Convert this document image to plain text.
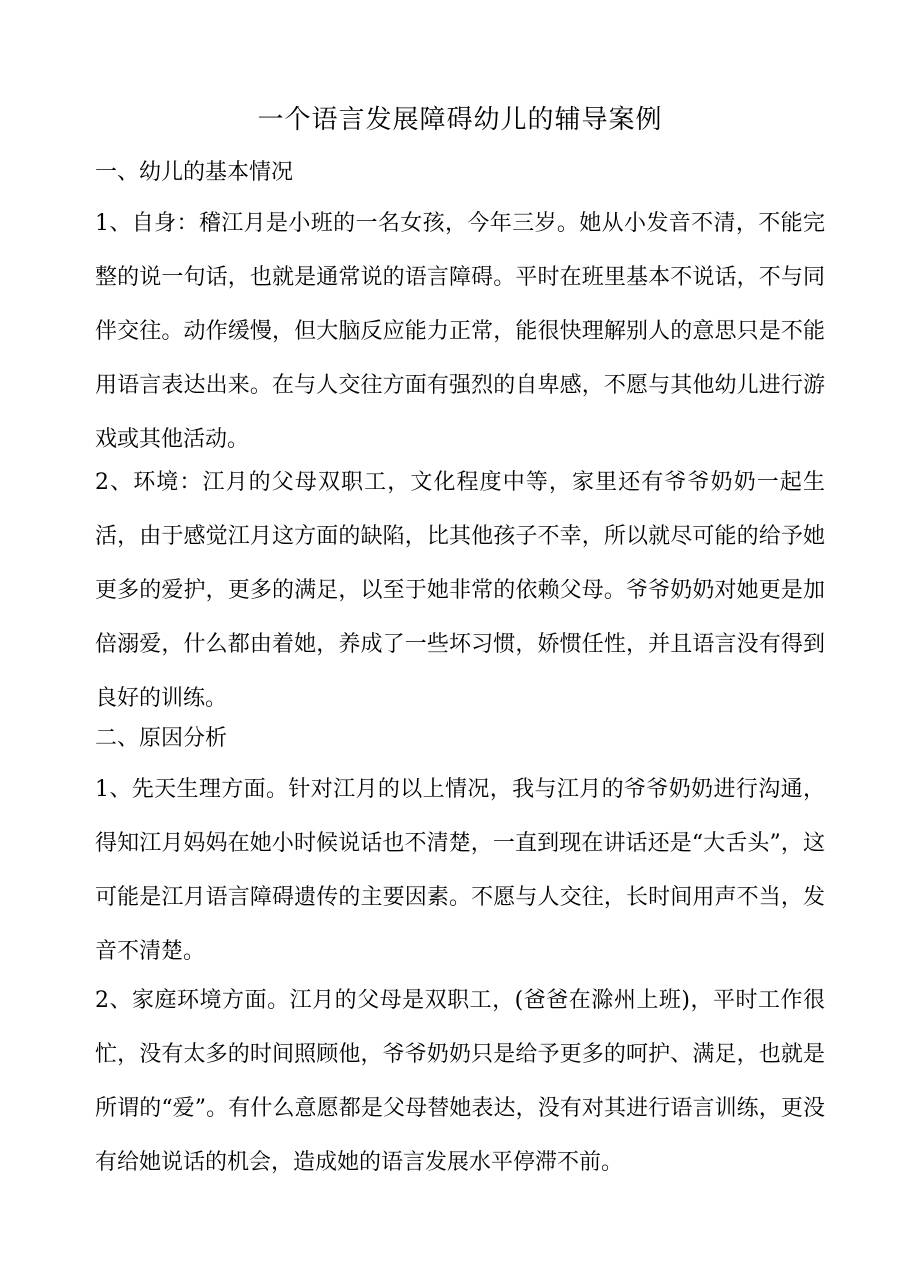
一个语言发展障碍幼儿的辅导案例
一、幼儿的基本情况
1、自身：稽江月是小班的一名女孩，今年三岁。她从小发音不清，不能完整的说一句话，也就是通常说的语言障碍。平时在班里基本不说话，不与同伴交往。动作缓慢，但大脑反应能力正常，能很快理解别人的意思只是不能用语言表达出来。在与人交往方面有强烈的自卑感，不愿与其他幼儿进行游戏或其他活动。
2、环境：江月的父母双职工，文化程度中等，家里还有爷爷奶奶一起生活，由于感觉江月这方面的缺陷，比其他孩子不幸，所以就尽可能的给予她更多的爱护，更多的满足，以至于她非常的依赖父母。爷爷奶奶对她更是加倍溺爱，什么都由着她，养成了一些坏习惯，娇惯任性，并且语言没有得到良好的训练。
二、原因分析
1、先天生理方面。针对江月的以上情况，我与江月的爷爷奶奶进行沟通，得知江月妈妈在她小时候说话也不清楚，一直到现在讲话还是“大舌头”，这可能是江月语言障碍遗传的主要因素。不愿与人交往，长时间用声不当，发音不清楚。
2、家庭环境方面。江月的父母是双职工，(爸爸在滁州上班)，平时工作很忙，没有太多的时间照顾他，爷爷奶奶只是给予更多的呵护、满足，也就是所谓的“爱”。有什么意愿都是父母替她表达，没有对其进行语言训练，更没有给她说话的机会，造成她的语言发展水平停滞不前。
